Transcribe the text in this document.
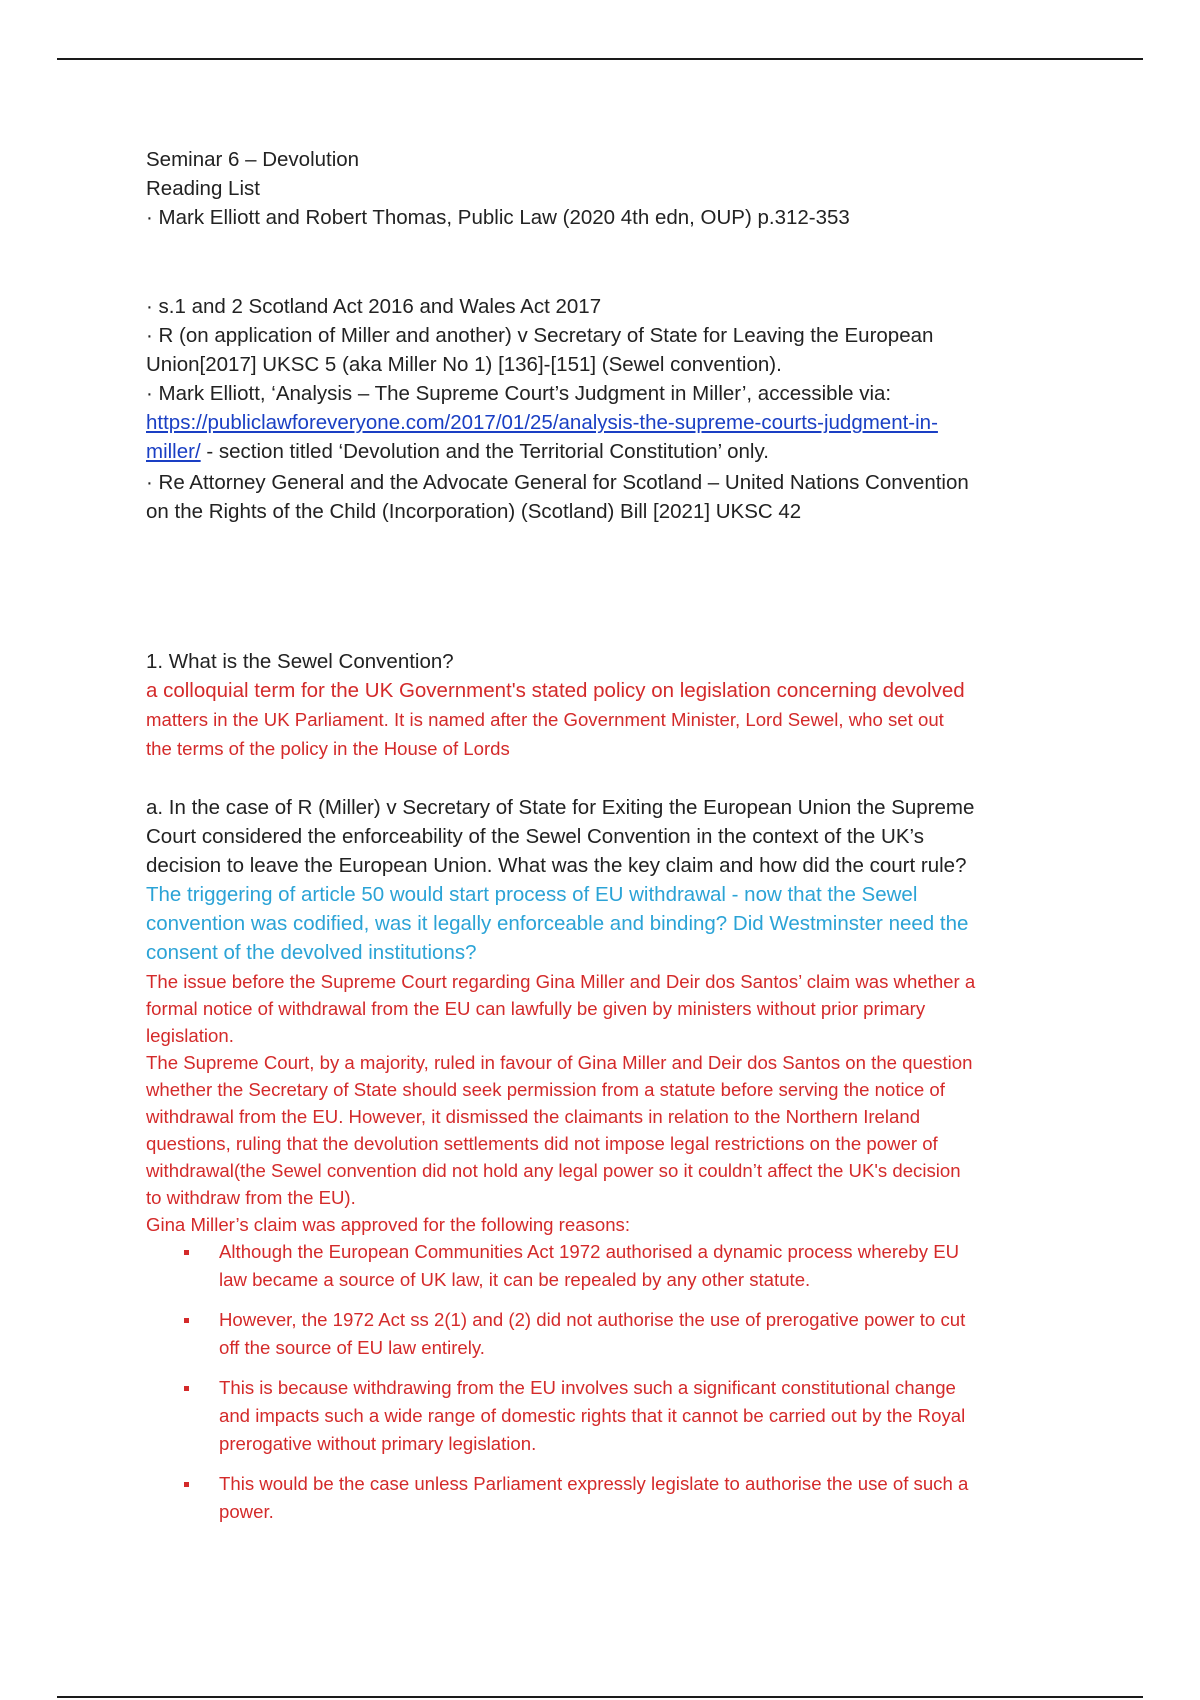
Seminar 6 – Devolution
Reading List
· Mark Elliott and Robert Thomas, Public Law (2020 4th edn, OUP) p.312-353
· s.1 and 2 Scotland Act 2016 and Wales Act 2017
· R (on application of Miller and another) v Secretary of State for Leaving the European
Union[2017] UKSC 5 (aka Miller No 1) [136]-[151] (Sewel convention).
· Mark Elliott, ‘Analysis – The Supreme Court’s Judgment in Miller’, accessible via:
https://publiclawforeveryone.com/2017/01/25/analysis-the-supreme-courts-judgment-in-
miller/ - section titled ‘Devolution and the Territorial Constitution’ only.
· Re Attorney General and the Advocate General for Scotland – United Nations Convention
on the Rights of the Child (Incorporation) (Scotland) Bill [2021] UKSC 42
1. What is the Sewel Convention?
a colloquial term for the UK Government's stated policy on legislation concerning devolved
matters in the UK Parliament. It is named after the Government Minister, Lord Sewel, who set out
the terms of the policy in the House of Lords
a. In the case of R (Miller) v Secretary of State for Exiting the European Union the Supreme
Court considered the enforceability of the Sewel Convention in the context of the UK’s
decision to leave the European Union. What was the key claim and how did the court rule?
The triggering of article 50 would start process of EU withdrawal - now that the Sewel
convention was codified, was it legally enforceable and binding? Did Westminster need the
consent of the devolved institutions?
The issue before the Supreme Court regarding Gina Miller and Deir dos Santos’ claim was whether a
formal notice of withdrawal from the EU can lawfully be given by ministers without prior primary
legislation.
The Supreme Court, by a majority, ruled in favour of Gina Miller and Deir dos Santos on the question
whether the Secretary of State should seek permission from a statute before serving the notice of
withdrawal from the EU. However, it dismissed the claimants in relation to the Northern Ireland
questions, ruling that the devolution settlements did not impose legal restrictions on the power of
withdrawal(the Sewel convention did not hold any legal power so it couldn’t affect the UK's decision
to withdraw from the EU).
Gina Miller’s claim was approved for the following reasons:
Although the European Communities Act 1972 authorised a dynamic process whereby EU
law became a source of UK law, it can be repealed by any other statute.
However, the 1972 Act ss 2(1) and (2) did not authorise the use of prerogative power to cut
off the source of EU law entirely.
This is because withdrawing from the EU involves such a significant constitutional change
and impacts such a wide range of domestic rights that it cannot be carried out by the Royal
prerogative without primary legislation.
This would be the case unless Parliament expressly legislate to authorise the use of such a
power.
